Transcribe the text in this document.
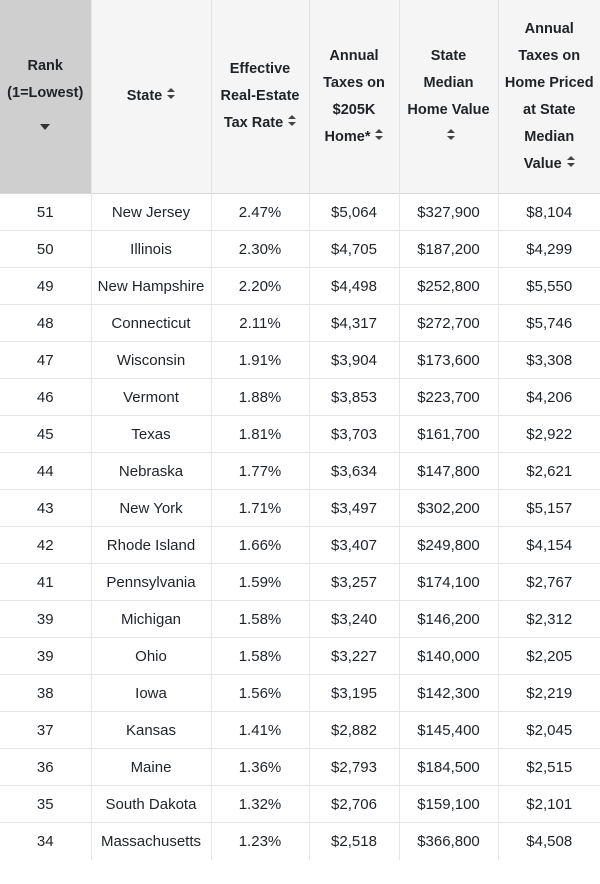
Rank (1=Lowest)	State	Effective Real-Estate Tax Rate	Annual Taxes on $205K Home*	State Median Home Value	Annual Taxes on Home Priced at State Median Value

51	New Jersey	2.47%	$5,064	$327,900	$8,104
50	Illinois	2.30%	$4,705	$187,200	$4,299
49	New Hampshire	2.20%	$4,498	$252,800	$5,550
48	Connecticut	2.11%	$4,317	$272,700	$5,746
47	Wisconsin	1.91%	$3,904	$173,600	$3,308
46	Vermont	1.88%	$3,853	$223,700	$4,206
45	Texas	1.81%	$3,703	$161,700	$2,922
44	Nebraska	1.77%	$3,634	$147,800	$2,621
43	New York	1.71%	$3,497	$302,200	$5,157
42	Rhode Island	1.66%	$3,407	$249,800	$4,154
41	Pennsylvania	1.59%	$3,257	$174,100	$2,767
39	Michigan	1.58%	$3,240	$146,200	$2,312
39	Ohio	1.58%	$3,227	$140,000	$2,205
38	Iowa	1.56%	$3,195	$142,300	$2,219
37	Kansas	1.41%	$2,882	$145,400	$2,045
36	Maine	1.36%	$2,793	$184,500	$2,515
35	South Dakota	1.32%	$2,706	$159,100	$2,101
34	Massachusetts	1.23%	$2,518	$366,800	$4,508
